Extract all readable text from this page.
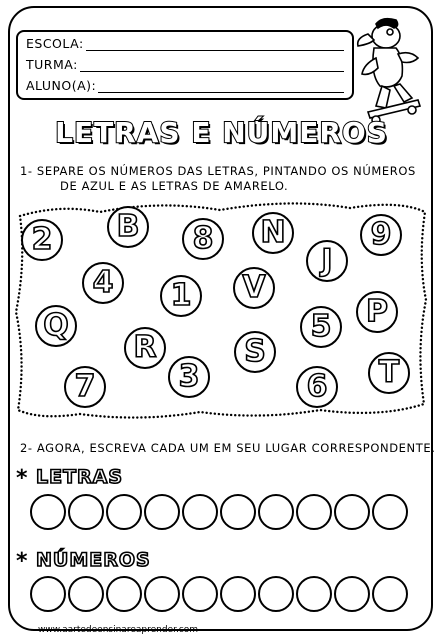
ESCOLA:
TURMA:
ALUNO(A):
LETRAS E NÚMEROS
1- SEPARE OS NÚMEROS DAS LETRAS, PINTANDO OS NÚMEROS
DE AZUL E AS LETRAS DE AMARELO.
2 B 8 N
J
9
4 1 V
Q
R
3
S
5 P
7	6 T
2- AGORA, ESCREVA CADA UM EM SEU LUGAR CORRESPONDENTE.
* LETRAS
* NÚMEROS
www.aartedeensinareaprender.com
